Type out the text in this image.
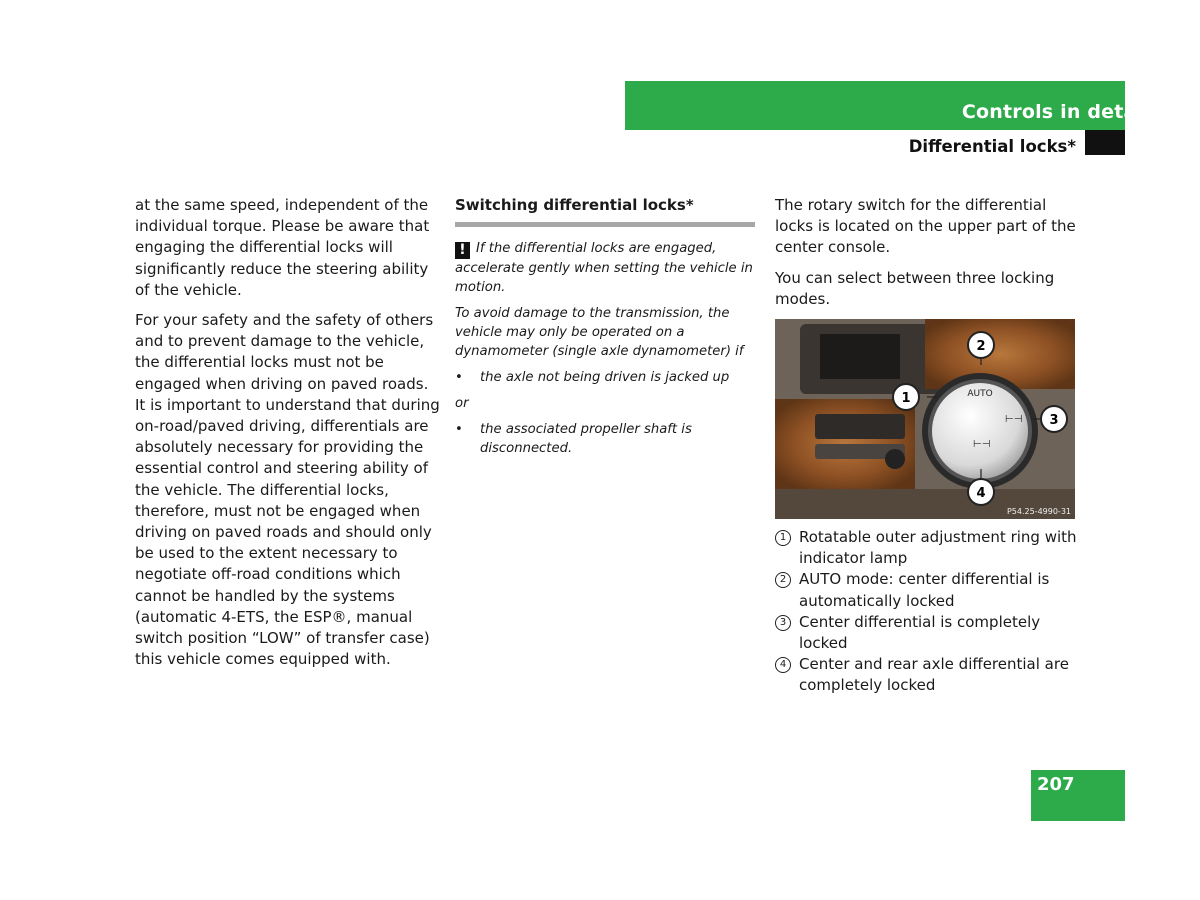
Controls in detail
Differential locks*

at the same speed, independent of the individual torque. Please be aware that engaging the differential locks will significantly reduce the steering ability of the vehicle.

For your safety and the safety of others and to prevent damage to the vehicle, the differential locks must not be engaged when driving on paved roads. It is important to understand that during on-road/paved driving, differentials are absolutely necessary for providing the essential control and steering ability of the vehicle. The differential locks, therefore, must not be engaged when driving on paved roads and should only be used to the extent necessary to negotiate off-road conditions which cannot be handled by the systems (automatic 4-ETS, the ESP®, manual switch position “LOW” of transfer case) this vehicle comes equipped with.

Switching differential locks*
! If the differential locks are engaged, accelerate gently when setting the vehicle in motion.
To avoid damage to the transmission, the vehicle may only be operated on a dynamometer (single axle dynamometer) if
•	the axle not being driven is jacked up
or
•	the associated propeller shaft is disconnected.

The rotary switch for the differential locks is located on the upper part of the center console.

You can select between three locking modes.

AUTO
⊢⊣
⊢⊣
2
1
3
4
P54.25-4990-31
1 Rotatable outer adjustment ring with indicator lamp
2 AUTO mode: center differential is automatically locked
3 Center differential is completely locked
4 Center and rear axle differential are completely locked
207
